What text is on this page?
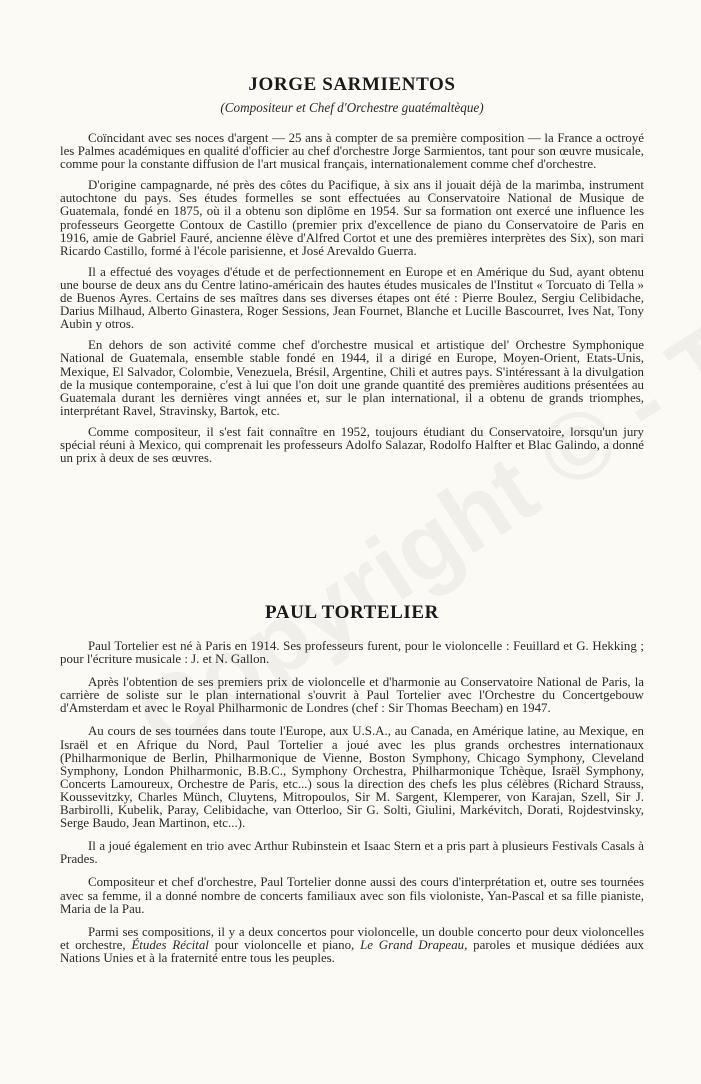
JORGE SARMIENTOS
(Compositeur et Chef d'Orchestre guatémaltèque)

Coïncidant avec ses noces d'argent — 25 ans à compter de sa première composition — la France a octroyé les Palmes académiques en qualité d'officier au chef d'orchestre Jorge Sarmientos, tant pour son œuvre musicale, comme pour la constante diffusion de l'art musical français, internationalement comme chef d'orchestre.

D'origine campagnarde, né près des côtes du Pacifique, à six ans il jouait déjà de la marimba, instrument autochtone du pays. Ses études formelles se sont effectuées au Conservatoire National de Musique de Guatemala, fondé en 1875, où il a obtenu son diplôme en 1954. Sur sa formation ont exercé une influence les professeurs Georgette Contoux de Castillo (premier prix d'excellence de piano du Conservatoire de Paris en 1916, amie de Gabriel Fauré, ancienne élève d'Alfred Cortot et une des premières interprètes des Six), son mari Ricardo Castillo, formé à l'école parisienne, et José Arevaldo Guerra.

Il a effectué des voyages d'étude et de perfectionnement en Europe et en Amérique du Sud, ayant obtenu une bourse de deux ans du Centre latino-américain des hautes études musicales de l'Institut « Torcuato di Tella » de Buenos Ayres. Certains de ses maîtres dans ses diverses étapes ont été : Pierre Boulez, Sergiu Celibidache, Darius Milhaud, Alberto Ginastera, Roger Sessions, Jean Fournet, Blanche et Lucille Bascourret, Ives Nat, Tony Aubin y otros.

En dehors de son activité comme chef d'orchestre musical et artistique del' Orchestre Symphonique National de Guatemala, ensemble stable fondé en 1944, il a dirigé en Europe, Moyen-Orient, Etats-Unis, Mexique, El Salvador, Colombie, Venezuela, Brésil, Argentine, Chili et autres pays. S'intéressant à la divulgation de la musique contemporaine, c'est à lui que l'on doit une grande quantité des premières auditions présentées au Guatemala durant les dernières vingt années et, sur le plan international, il a obtenu de grands triomphes, interprétant Ravel, Stravinsky, Bartok, etc.

Comme compositeur, il s'est fait connaître en 1952, toujours étudiant du Conservatoire, lorsqu'un jury spécial réuni à Mexico, qui comprenait les professeurs Adolfo Salazar, Rodolfo Halfter et Blac Galindo, a donné un prix à deux de ses œuvres.

PAUL TORTELIER

Paul Tortelier est né à Paris en 1914. Ses professeurs furent, pour le violoncelle : Feuillard et G. Hekking ; pour l'écriture musicale : J. et N. Gallon.

Après l'obtention de ses premiers prix de violoncelle et d'harmonie au Conservatoire National de Paris, la carrière de soliste sur le plan international s'ouvrit à Paul Tortelier avec l'Orchestre du Concertgebouw d'Amsterdam et avec le Royal Philharmonic de Londres (chef : Sir Thomas Beecham) en 1947.

Au cours de ses tournées dans toute l'Europe, aux U.S.A., au Canada, en Amérique latine, au Mexique, en Israël et en Afrique du Nord, Paul Tortelier a joué avec les plus grands orchestres internationaux (Philharmonique de Berlin, Philharmonique de Vienne, Boston Symphony, Chicago Symphony, Cleveland Symphony, London Philharmonic, B.B.C., Symphony Orchestra, Philharmonique Tchèque, Israël Symphony, Concerts Lamoureux, Orchestre de Paris, etc...) sous la direction des chefs les plus célèbres (Richard Strauss, Koussevitzky, Charles Münch, Cluytens, Mitropoulos, Sir M. Sargent, Klemperer, von Karajan, Szell, Sir J. Barbirolli, Kubelik, Paray, Celibidache, van Otterloo, Sir G. Solti, Giulini, Markévitch, Dorati, Rojdestvinsky, Serge Baudo, Jean Martinon, etc...).

Il a joué également en trio avec Arthur Rubinstein et Isaac Stern et a pris part à plusieurs Festivals Casals à Prades.

Compositeur et chef d'orchestre, Paul Tortelier donne aussi des cours d'interprétation et, outre ses tournées avec sa femme, il a donné nombre de concerts familiaux avec son fils violoniste, Yan-Pascal et sa fille pianiste, Maria de la Pau.

Parmi ses compositions, il y a deux concertos pour violoncelle, un double concerto pour deux violoncelles et orchestre, Études Récital pour violoncelle et piano, Le Grand Drapeau, paroles et musique dédiées aux Nations Unies et à la fraternité entre tous les peuples.
